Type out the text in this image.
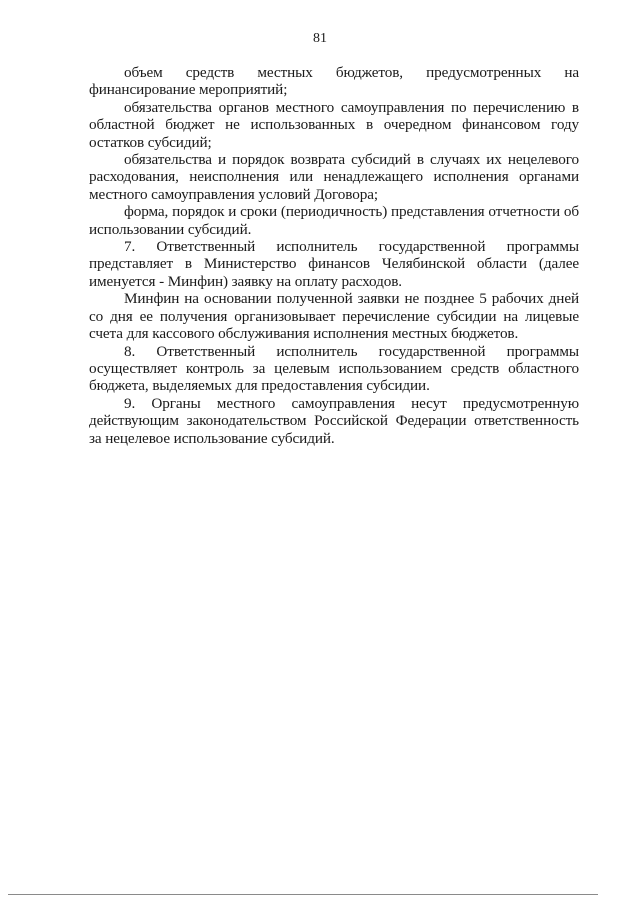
81

объем средств местных бюджетов, предусмотренных на финансирование мероприятий;

обязательства органов местного самоуправления по перечислению в областной бюджет не использованных в очередном финансовом году остатков субсидий;

обязательства и порядок возврата субсидий в случаях их нецелевого расходования, неисполнения или ненадлежащего исполнения органами местного самоуправления условий Договора;

форма, порядок и сроки (периодичность) представления отчетности об использовании субсидий.

7. Ответственный исполнитель государственной программы представляет в Министерство финансов Челябинской области (далее именуется - Минфин) заявку на оплату расходов.

Минфин на основании полученной заявки не позднее 5 рабочих дней со дня ее получения организовывает перечисление субсидии на лицевые счета для кассового обслуживания исполнения местных бюджетов.

8. Ответственный исполнитель государственной программы осуществляет контроль за целевым использованием средств областного бюджета, выделяемых для предоставления субсидии.

9. Органы местного самоуправления несут предусмотренную действующим законодательством Российской Федерации ответственность за нецелевое использование субсидий.
